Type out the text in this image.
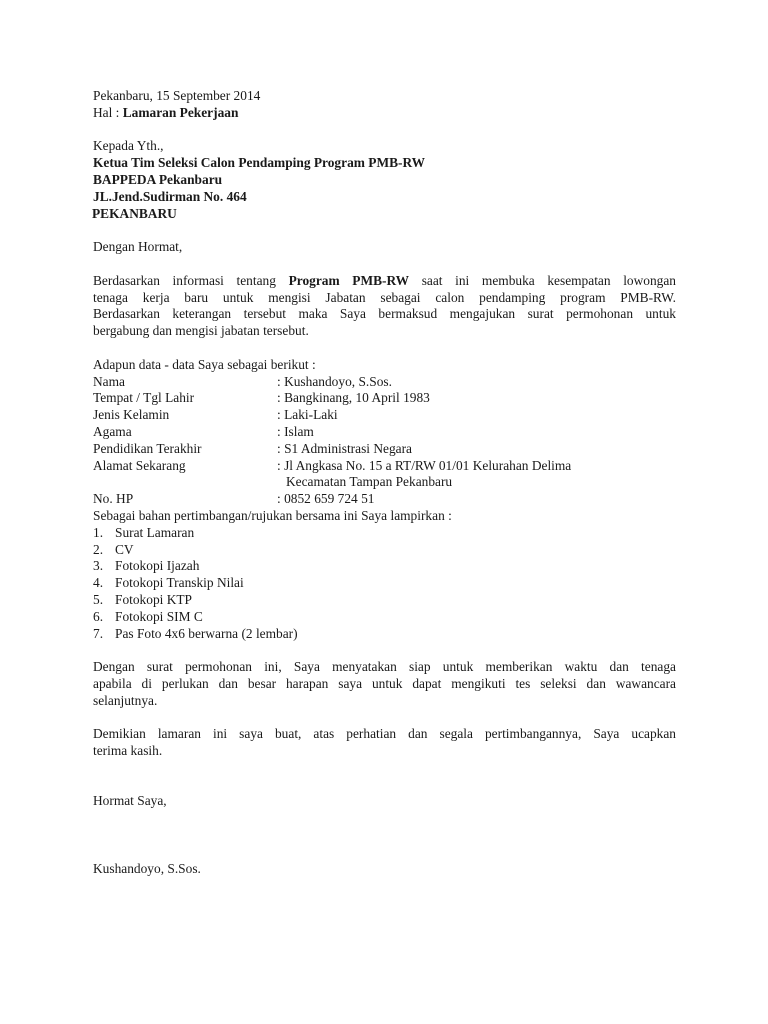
Pekanbaru, 15 September 2014
Hal : Lamaran Pekerjaan
Kepada Yth.,
Ketua Tim Seleksi Calon Pendamping Program PMB-RW
BAPPEDA Pekanbaru
JL.Jend.Sudirman No. 464
PEKANBARU
Dengan Hormat,
Berdasarkan informasi tentang Program PMB-RW saat ini membuka kesempatan lowongan
tenaga kerja baru untuk mengisi Jabatan sebagai calon pendamping program PMB-RW.
Berdasarkan keterangan tersebut maka Saya bermaksud mengajukan surat permohonan untuk
bergabung dan mengisi jabatan tersebut.
Adapun data - data Saya sebagai berikut :
Nama	: Kushandoyo, S.Sos.
Tempat / Tgl Lahir	: Bangkinang, 10 April 1983
Jenis Kelamin	: Laki-Laki
Agama	: Islam
Pendidikan Terakhir	: S1 Administrasi Negara
Alamat Sekarang	: Jl Angkasa No. 15 a RT/RW 01/01 Kelurahan Delima
Kecamatan Tampan Pekanbaru
No. HP	: 0852 659 724 51
Sebagai bahan pertimbangan/rujukan bersama ini Saya lampirkan :
1. Surat Lamaran
2. CV
3. Fotokopi Ijazah
4. Fotokopi Transkip Nilai
5. Fotokopi KTP
6. Fotokopi SIM C
7. Pas Foto 4x6 berwarna (2 lembar)
Dengan surat permohonan ini, Saya menyatakan siap untuk memberikan waktu dan tenaga
apabila di perlukan dan besar harapan saya untuk dapat mengikuti tes seleksi dan wawancara
selanjutnya.
Demikian lamaran ini saya buat, atas perhatian dan segala pertimbangannya, Saya ucapkan
terima kasih.
Hormat Saya,
Kushandoyo, S.Sos.
